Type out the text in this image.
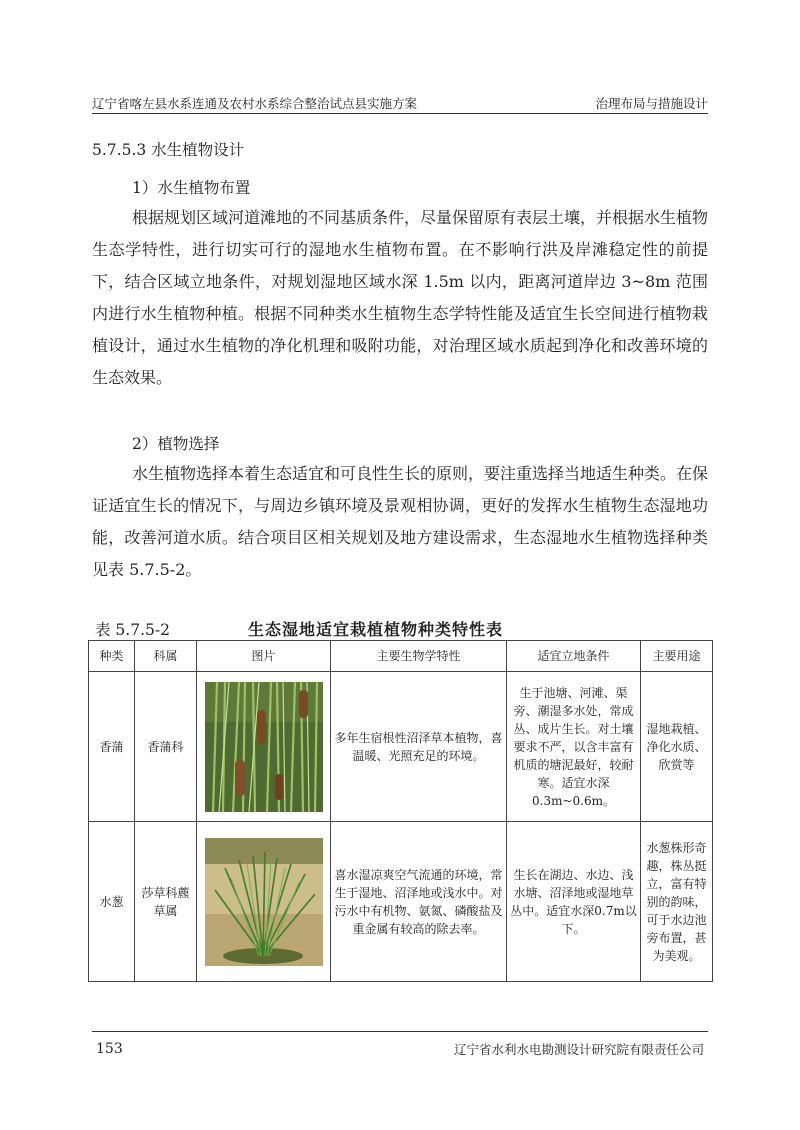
辽宁省喀左县水系连通及农村水系综合整治试点县实施方案	治理布局与措施设计
5.7.5.3 水生植物设计
1）水生植物布置

根据规划区域河道滩地的不同基质条件，尽量保留原有表层土壤，并根据水生植物生态学特性，进行切实可行的湿地水生植物布置。在不影响行洪及岸滩稳定性的前提下，结合区域立地条件，对规划湿地区域水深 1.5m 以内，距离河道岸边 3~8m 范围内进行水生植物种植。根据不同种类水生植物生态学特性能及适宜生长空间进行植物栽植设计，通过水生植物的净化机理和吸附功能，对治理区域水质起到净化和改善环境的生态效果。

2）植物选择

水生植物选择本着生态适宜和可良性生长的原则，要注重选择当地适生种类。在保证适宜生长的情况下，与周边乡镇环境及景观相协调，更好的发挥水生植物生态湿地功能，改善河道水质。结合项目区相关规划及地方建设需求，生态湿地水生植物选择种类见表 5.7.5-2。

表 5.7.5-2	生态湿地适宜栽植植物种类特性表
种类	科属	图片	主要生物学特性	适宜立地条件	主要用途
香蒲	香蒲科		多年生宿根性沼泽草本植物，喜温暖、光照充足的环境。	生于池塘、河滩、渠旁、潮湿多水处，常成丛、成片生长。对土壤要求不严，以含丰富有机质的塘泥最好，较耐寒。适宜水深0.3m~0.6m。	湿地栽植、净化水质、欣赏等
水葱	莎草科藨草属		喜水湿凉爽空气流通的环境，常生于湿地、沼泽地或浅水中。对污水中有机物、氨氮、磷酸盐及重金属有较高的除去率。	生长在湖边、水边、浅水塘、沼泽地或湿地草丛中。适宜水深0.7m以下。	水葱株形奇趣，株丛挺立，富有特别的韵味，可于水边池旁布置，甚为美观。
153	辽宁省水利水电勘测设计研究院有限责任公司
